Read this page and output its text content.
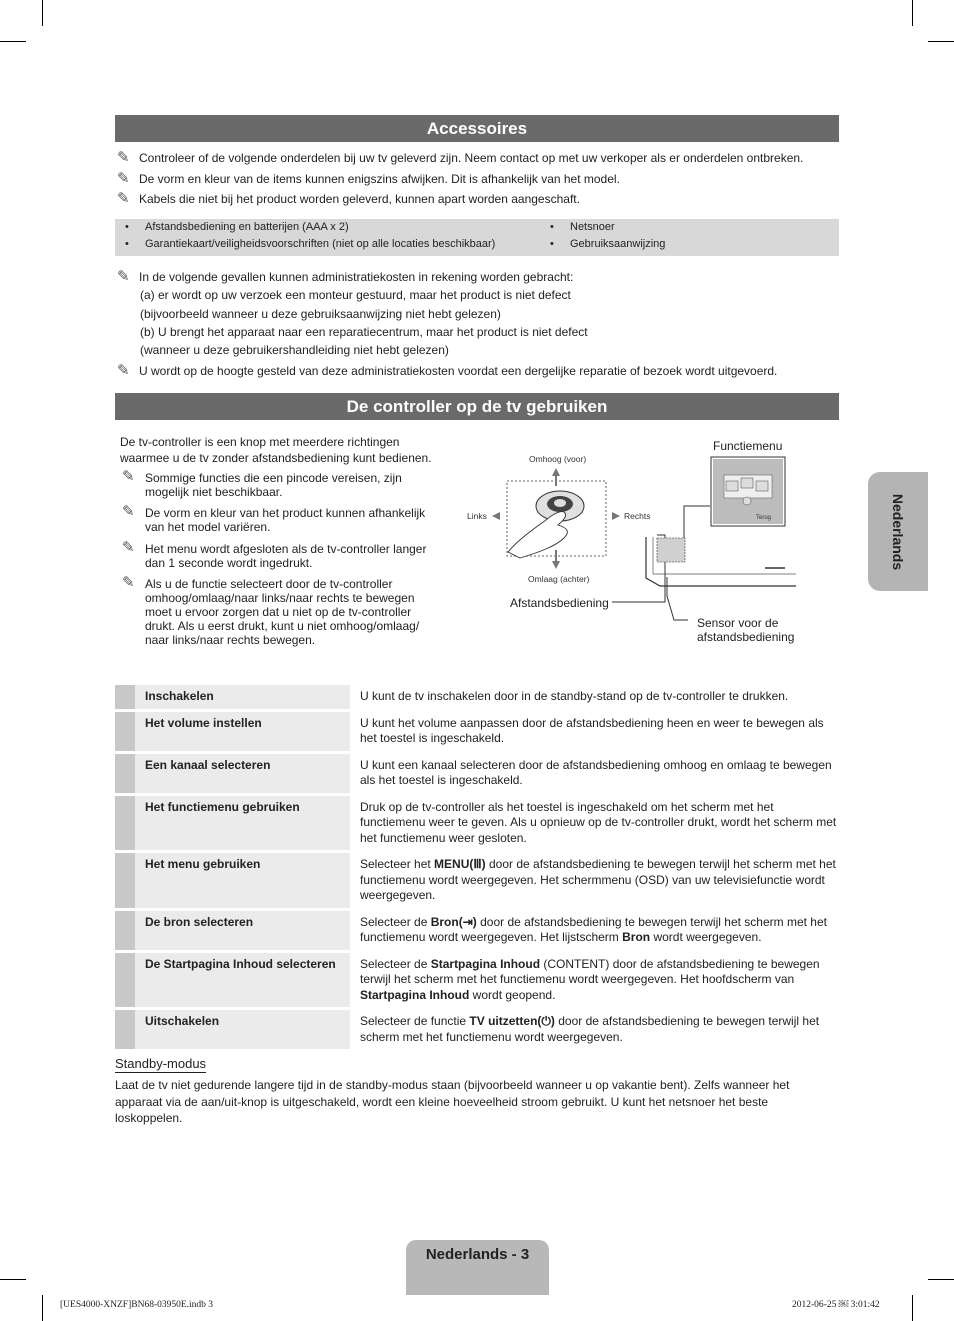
Accessoires
✎ Controleer of de volgende onderdelen bij uw tv geleverd zijn. Neem contact op met uw verkoper als er onderdelen ontbreken.
✎ De vorm en kleur van de items kunnen enigszins afwijken. Dit is afhankelijk van het model.
✎ Kabels die niet bij het product worden geleverd, kunnen apart worden aangeschaft.
• Afstandsbediening en batterijen (AAA x 2)
• Garantiekaart/veiligheidsvoorschriften (niet op alle locaties beschikbaar)
• Netsnoer
• Gebruiksaanwijzing
✎ In de volgende gevallen kunnen administratiekosten in rekening worden gebracht:
(a) er wordt op uw verzoek een monteur gestuurd, maar het product is niet defect
(bijvoorbeeld wanneer u deze gebruiksaanwijzing niet hebt gelezen)
(b) U brengt het apparaat naar een reparatiecentrum, maar het product is niet defect
(wanneer u deze gebruikershandleiding niet hebt gelezen)
✎ U wordt op de hoogte gesteld van deze administratiekosten voordat een dergelijke reparatie of bezoek wordt uitgevoerd.
De controller op de tv gebruiken
De tv-controller is een knop met meerdere richtingen
waarmee u de tv zonder afstandsbediening kunt bedienen.
✎ Sommige functies die een pincode vereisen, zijn mogelijk niet beschikbaar.
✎ De vorm en kleur van het product kunnen afhankelijk van het model variëren.
✎ Het menu wordt afgesloten als de tv-controller langer dan 1 seconde wordt ingedrukt.
✎ Als u de functie selecteert door de tv-controller omhoog/omlaag/naar links/naar rechts te bewegen moet u ervoor zorgen dat u niet op de tv-controller drukt. Als u eerst drukt, kunt u niet omhoog/omlaag/ naar links/naar rechts bewegen.
Omhoog (voor)
Omlaag (achter)
Links	Rechts	Terug
Afstandsbediening
Functiemenu
Sensor voor de afstandsbediening
	Inschakelen	U kunt de tv inschakelen door in de standby-stand op de tv-controller te drukken.
	Het volume instellen	U kunt het volume aanpassen door de afstandsbediening heen en weer te bewegen als het toestel is ingeschakeld.
	Een kanaal selecteren	U kunt een kanaal selecteren door de afstandsbediening omhoog en omlaag te bewegen als het toestel is ingeschakeld.
	Het functiemenu gebruiken	Druk op de tv-controller als het toestel is ingeschakeld om het scherm met het functiemenu weer te geven. Als u opnieuw op de tv-controller drukt, wordt het scherm met het functiemenu weer gesloten.
	Het menu gebruiken	Selecteer het MENU(Ⅲ) door de afstandsbediening te bewegen terwijl het scherm met het functiemenu wordt weergegeven. Het schermmenu (OSD) van uw televisiefunctie wordt weergegeven.
	De bron selecteren	Selecteer de Bron(⇥) door de afstandsbediening te bewegen terwijl het scherm met het functiemenu wordt weergegeven. Het lijstscherm Bron wordt weergegeven.
	De Startpagina Inhoud selecteren	Selecteer de Startpagina Inhoud (CONTENT) door de afstandsbediening te bewegen terwijl het scherm met het functiemenu wordt weergegeven. Het hoofdscherm van Startpagina Inhoud wordt geopend.
	Uitschakelen	Selecteer de functie TV uitzetten(⏻) door de afstandsbediening te bewegen terwijl het scherm met het functiemenu wordt weergegeven.
Standby-modus
Laat de tv niet gedurende langere tijd in de standby-modus staan (bijvoorbeeld wanneer u op vakantie bent). Zelfs wanneer het apparaat via de aan/uit-knop is uitgeschakeld, wordt een kleine hoeveelheid stroom gebruikt. U kunt het netsnoer het beste loskoppelen.
Nederlands
Nederlands - 3
[UES4000-XNZF]BN68-03950E.indb 3	2012-06-25 ￼ 3:01:42
